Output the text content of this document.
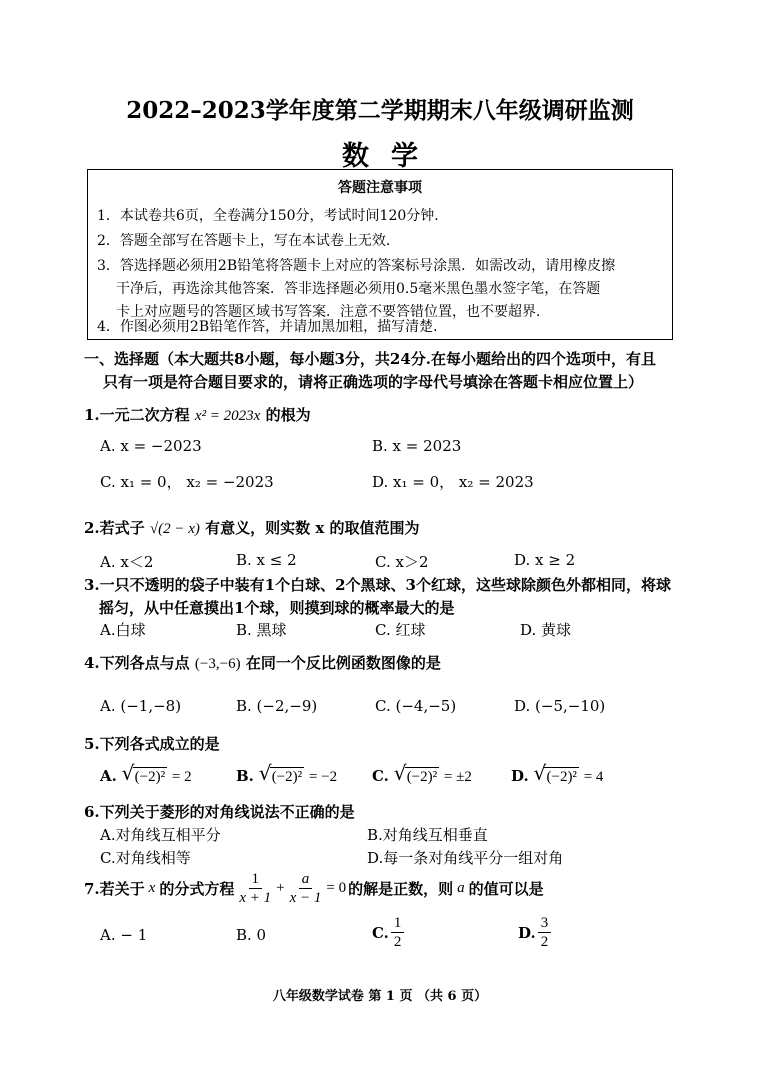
2022–2023学年度第二学期期末八年级调研监测
数学
答题注意事项
1．本试卷共6页，全卷满分150分，考试时间120分钟．
2．答题全部写在答题卡上，写在本试卷上无效．
3．答选择题必须用2B铅笔将答题卡上对应的答案标号涂黑．如需改动，请用橡皮擦
干净后，再选涂其他答案．答非选择题必须用0.5毫米黑色墨水签字笔，在答题
卡上对应题号的答题区域书写答案．注意不要答错位置，也不要超界．
4．作图必须用2B铅笔作答，并请加黑加粗，描写清楚．
一、选择题（本大题共8小题，每小题3分，共24分.在每小题给出的四个选项中，有且
只有一项是符合题目要求的，请将正确选项的字母代号填涂在答题卡相应位置上）
1.一元二次方程 x² = 2023x 的根为
A. x = −2023	B. x = 2023
C. x₁ = 0， x₂ = −2023	D. x₁ = 0， x₂ = 2023
2.若式子 √(2 − x) 有意义，则实数 x 的取值范围为
A. x＜2	B. x ≤ 2	C. x＞2	D. x ≥ 2
3.一只不透明的袋子中装有1个白球、2个黑球、3个红球，这些球除颜色外都相同，将球
摇匀，从中任意摸出1个球，则摸到球的概率最大的是
A.白球	B. 黑球	C. 红球	D. 黄球
4.下列各点与点 (−3,−6) 在同一个反比例函数图像的是
A. (−1,−8)	B. (−2,−9)	C. (−4,−5)	D. (−5,−10)
5.下列各式成立的是
A. √ (−2)² = 2	B. √ (−2)² = −2 C. √ (−2)² = ±2	D. √ (−2)² = 4
6.下列关于菱形的对角线说法不正确的是
A.对角线互相平分	B.对角线互相垂直
C.对角线相等	D.每一条对角线平分一组对角
7.若关于 x 的分式方程 $\frac{1}{x + 1} + \frac{a}{x - 1} = 0$ 的解是正数，则 a 的值可以是
A. − 1	B. 0	C. $\frac{1}{2}$	D. $\frac{3}{2}$
八年级数学试卷 第 1 页 （共 6 页）
